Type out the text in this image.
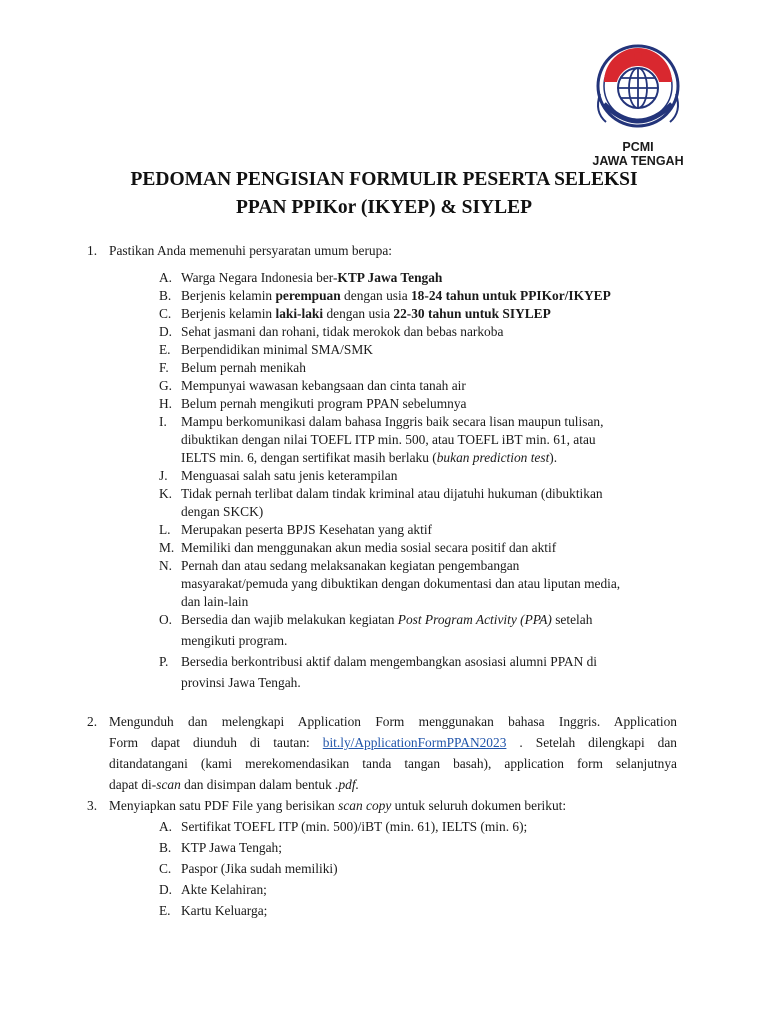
PCMI
JAWA TENGAH
PEDOMAN PENGISIAN FORMULIR PESERTA SELEKSI
PPAN PPIKor (IKYEP) & SIYLEP
1. Pastikan Anda memenuhi persyaratan umum berupa:
A. Warga Negara Indonesia ber-KTP Jawa Tengah
B. Berjenis kelamin perempuan dengan usia 18-24 tahun untuk PPIKor/IKYEP
C. Berjenis kelamin laki-laki dengan usia 22-30 tahun untuk SIYLEP
D. Sehat jasmani dan rohani, tidak merokok dan bebas narkoba
E. Berpendidikan minimal SMA/SMK
F. Belum pernah menikah
G. Mempunyai wawasan kebangsaan dan cinta tanah air
H. Belum pernah mengikuti program PPAN sebelumnya
I. Mampu berkomunikasi dalam bahasa Inggris baik secara lisan maupun tulisan,
dibuktikan dengan nilai TOEFL ITP min. 500, atau TOEFL iBT min. 61, atau
IELTS min. 6, dengan sertifikat masih berlaku (bukan prediction test).
J. Menguasai salah satu jenis keterampilan
K. Tidak pernah terlibat dalam tindak kriminal atau dijatuhi hukuman (dibuktikan
dengan SKCK)
L. Merupakan peserta BPJS Kesehatan yang aktif
M. Memiliki dan menggunakan akun media sosial secara positif dan aktif
N. Pernah dan atau sedang melaksanakan kegiatan pengembangan
masyarakat/pemuda yang dibuktikan dengan dokumentasi dan atau liputan media,
dan lain-lain
O. Bersedia dan wajib melakukan kegiatan Post Program Activity (PPA) setelah
mengikuti program.
P. Bersedia berkontribusi aktif dalam mengembangkan asosiasi alumni PPAN di
provinsi Jawa Tengah.
2. Mengunduh dan melengkapi Application Form menggunakan bahasa Inggris. Application
Form dapat diunduh di tautan: bit.ly/ApplicationFormPPAN2023 . Setelah dilengkapi dan
ditandatangani (kami merekomendasikan tanda tangan basah), application form selanjutnya
dapat di-scan dan disimpan dalam bentuk .pdf.
3. Menyiapkan satu PDF File yang berisikan scan copy untuk seluruh dokumen berikut:
A. Sertifikat TOEFL ITP (min. 500)/iBT (min. 61), IELTS (min. 6);
B. KTP Jawa Tengah;
C. Paspor (Jika sudah memiliki)
D. Akte Kelahiran;
E. Kartu Keluarga;
